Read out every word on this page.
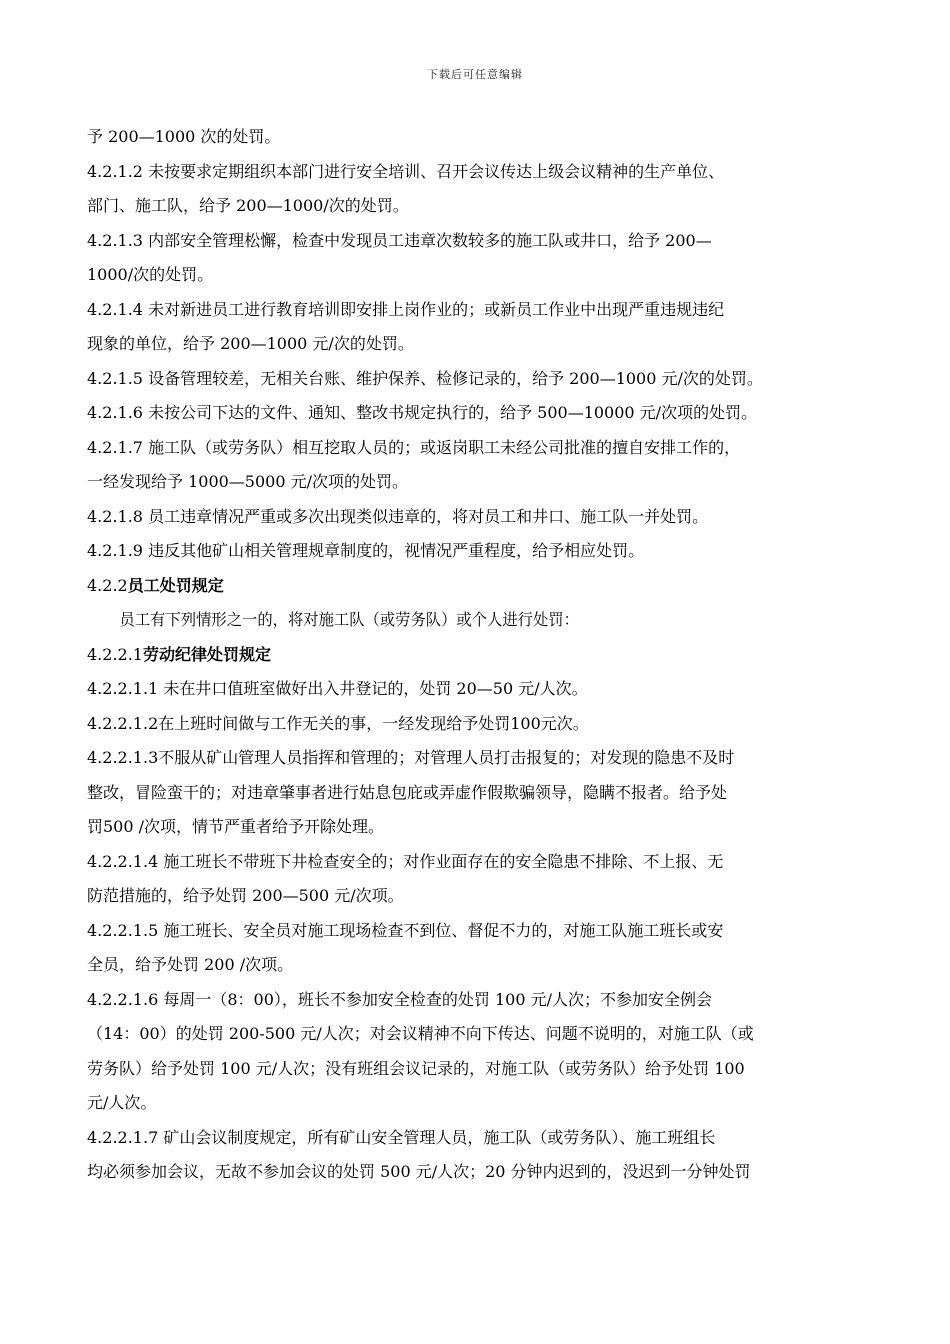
下载后可任意编辑
予 200—1000 次的处罚。
4.2.1.2 未按要求定期组织本部门进行安全培训、召开会议传达上级会议精神的生产单位、
部门、施工队，给予 200—1000/次的处罚。
4.2.1.3 内部安全管理松懈，检查中发现员工违章次数较多的施工队或井口，给予 200—
1000/次的处罚。
4.2.1.4 未对新进员工进行教育培训即安排上岗作业的；或新员工作业中出现严重违规违纪
现象的单位，给予 200—1000 元/次的处罚。
4.2.1.5 设备管理较差，无相关台账、维护保养、检修记录的，给予 200—1000 元/次的处罚。
4.2.1.6 未按公司下达的文件、通知、整改书规定执行的，给予 500—10000 元/次项的处罚。
4.2.1.7 施工队（或劳务队）相互挖取人员的；或返岗职工未经公司批准的擅自安排工作的，
一经发现给予 1000—5000 元/次项的处罚。
4.2.1.8 员工违章情况严重或多次出现类似违章的，将对员工和井口、施工队一并处罚。
4.2.1.9 违反其他矿山相关管理规章制度的，视情况严重程度，给予相应处罚。
4.2.2员工处罚规定
员工有下列情形之一的，将对施工队（或劳务队）或个人进行处罚：
4.2.2.1劳动纪律处罚规定
4.2.2.1.1 未在井口值班室做好出入井登记的，处罚 20—50 元/人次。
4.2.2.1.2在上班时间做与工作无关的事，一经发现给予处罚100元次。
4.2.2.1.3不服从矿山管理人员指挥和管理的；对管理人员打击报复的；对发现的隐患不及时
整改，冒险蛮干的；对违章肇事者进行姑息包庇或弄虚作假欺骗领导，隐瞒不报者。给予处
罚500 /次项，情节严重者给予开除处理。
4.2.2.1.4 施工班长不带班下井检查安全的；对作业面存在的安全隐患不排除、不上报、无
防范措施的，给予处罚 200—500 元/次项。
4.2.2.1.5 施工班长、安全员对施工现场检查不到位、督促不力的，对施工队施工班长或安
全员，给予处罚 200 /次项。
4.2.2.1.6 每周一（8：00），班长不参加安全检查的处罚 100 元/人次；不参加安全例会
（14：00）的处罚 200-500 元/人次；对会议精神不向下传达、问题不说明的，对施工队（或
劳务队）给予处罚 100 元/人次；没有班组会议记录的，对施工队（或劳务队）给予处罚 100
元/人次。
4.2.2.1.7 矿山会议制度规定，所有矿山安全管理人员，施工队（或劳务队）、施工班组长
均必须参加会议，无故不参加会议的处罚 500 元/人次；20 分钟内迟到的，没迟到一分钟处罚
